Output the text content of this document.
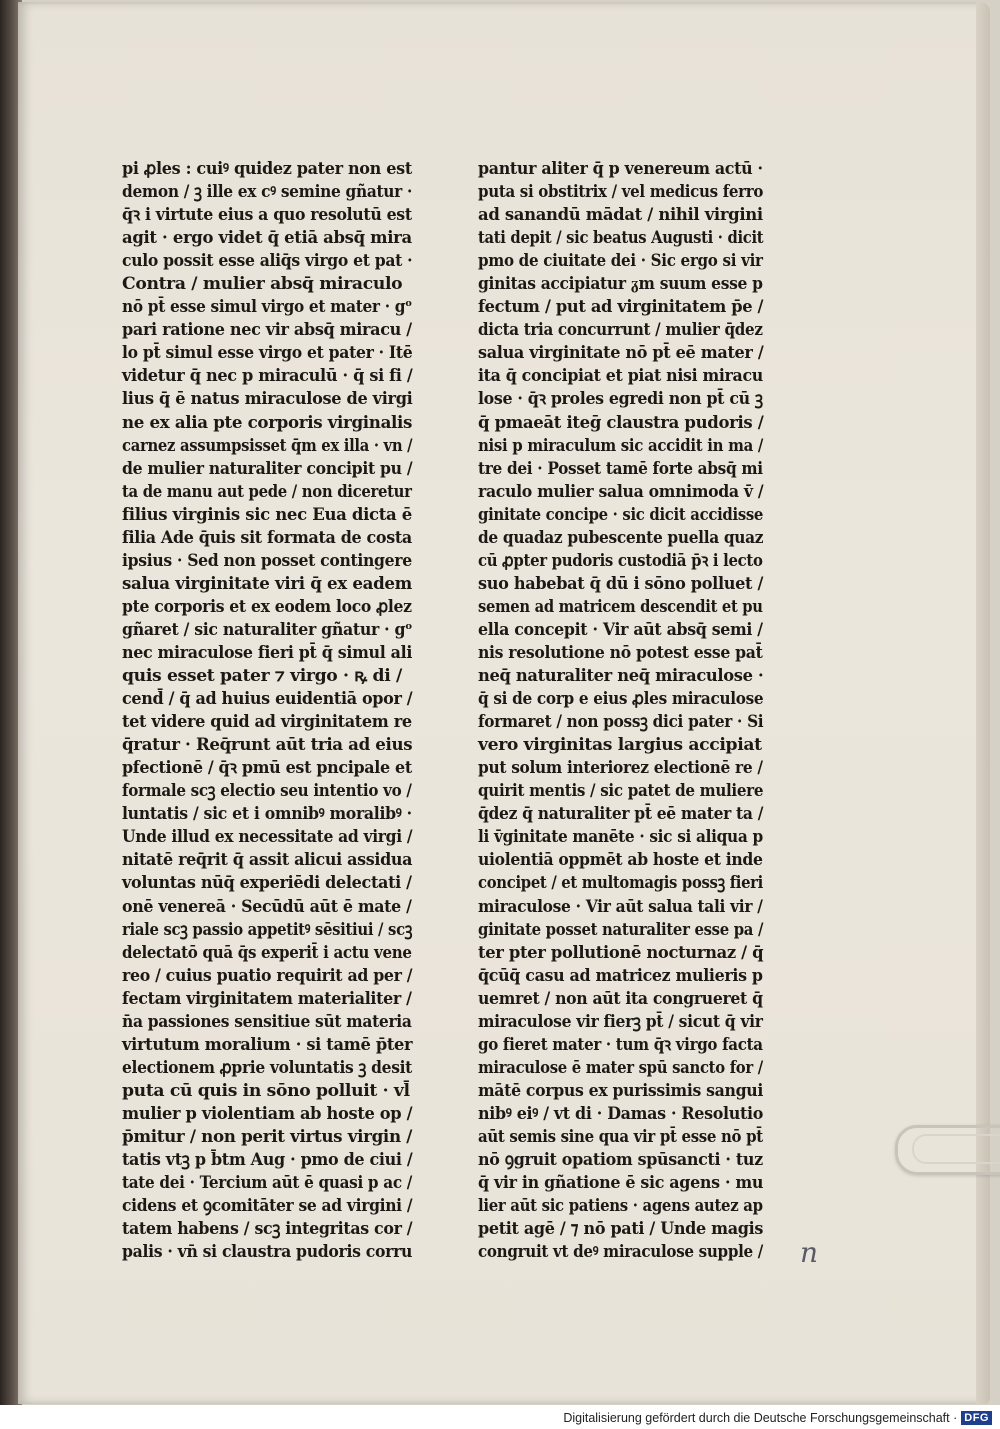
pi ꝓles : cuiꝰ quidez pater non est
demon / ꝫ ille ex cꝰ semine gñatur ·
q̄ꝛ i virtute eius a quo resolutū est
agit · ergo videt q̄ etiā absq̄ mira
culo possit esse aliq̄s virgo et pat ·
Contra / mulier absq̄ miraculo
nō pt̄ esse simul virgo et mater · gᵒ
pari ratione nec vir absq̄ miracu /
lo pt̄ simul esse virgo et pater · Itē
videtur q̄ nec p miraculū · q̄ si fi /
lius q̄ ē natus miraculose de virgi
ne ex alia pte corporis virginalis
carnez assumpsisset q̄m ex illa · vn /
de mulier naturaliter concipit pu /
ta de manu aut pede / non diceretur
filius virginis sic nec Eua dicta ē
filia Ade q̄uis sit formata de costa
ipsius · Sed non posset contingere
salua virginitate viri q̄ ex eadem
pte corporis et ex eodem loco ꝓlez
gñaret / sic naturaliter gñatur · gᵒ
nec miraculose fieri pt̄ q̄ simul ali
quis esset pater ⁊ virgo · ꝶ di /
cend̄ / q̄ ad huius euidentiā opor /
tet videre quid ad virginitatem re
q̄ratur · Req̄runt aūt tria ad eius
pfectionē / q̄ꝛ pmū est pncipale et
formale scꝫ electio seu intentio vo /
luntatis / sic et i omnibꝰ moralibꝰ ·
Unde illud ex necessitate ad virgi /
nitatē req̄rit q̄ assit alicui assidua
voluntas nūq̄ experiēdi delectati /
onē venereā · Secūdū aūt ē mate /
riale scꝫ passio appetitꝰ sēsitiui / scꝫ
delectatō quā q̄s experit̄ i actu vene
reo / cuius puatio requirit ad per /
fectam virginitatem materialiter /
n̄a passiones sensitiue sūt materia
virtutum moralium · si tamē p̄ter
electionem ꝓprie voluntatis ꝫ desit
puta cū quis in sōno polluit · vl̄
mulier p violentiam ab hoste op /
p̄mitur / non perit virtus virgin /
tatis vtꝫ p b̄tm Aug · pmo de ciui /
tate dei · Tercium aūt ē quasi p ac /
cidens et ꝯcomitāter se ad virgini /
tatem habens / scꝫ integritas cor /
palis · vn̄ si claustra pudoris corru
pantur aliter q̄ p venereum actū ·
puta si obstitrix / vel medicus ferro
ad sanandū mādat / nihil virgini
tati depit / sic beatus Augusti · dicit
pmo de ciuitate dei · Sic ergo si vir
ginitas accipiatur ᵹm suum esse p
fectum / put ad virginitatem p̄e /
dicta tria concurrunt / mulier q̄dez
salua virginitate nō pt̄ eē mater /
ita q̄ concipiat et piat nisi miracu
lose · q̄ꝛ proles egredi non pt̄ cū ꝫ
q̄ pmaeāt iteḡ claustra pudoris /
nisi p miraculum sic accidit in ma /
tre dei · Posset tamē forte absq̄ mi
raculo mulier salua omnimoda v̄ /
ginitate concipe · sic dicit accidisse
de quadaz pubescente puella quaz
cū ꝓpter pudoris custodiā p̄ꝛ i lecto
suo habebat q̄ dū i sōno polluet /
semen ad matricem descendit et pu
ella concepit · Vir aūt absq̄ semi /
nis resolutione nō potest esse pat̄
neq̄ naturaliter neq̄ miraculose ·
q̄ si de corp e eius ꝓles miraculose
formaret / non possꝫ dici pater · Si
vero virginitas largius accipiat
put solum interiorez electionē re /
quirit mentis / sic patet de muliere
q̄dez q̄ naturaliter pt̄ eē mater ta /
li v̄ginitate manēte · sic si aliqua p
uiolentiā oppmēt ab hoste et inde
concipet / et multomagis possꝫ fieri
miraculose · Vir aūt salua tali vir /
ginitate posset naturaliter esse pa /
ter pter pollutionē nocturnaz / q̄
q̄cūq̄ casu ad matricez mulieris p
uemret / non aūt ita congrueret q̄
miraculose vir fierꝫ pt̄ / sicut q̄ vir
go fieret mater · tum q̄ꝛ virgo facta
miraculose ē mater spū sancto for /
mātē corpus ex purissimis sangui
nibꝰ eiꝰ / vt di · Damas · Resolutio
aūt semis sine qua vir pt̄ esse nō pt̄
nō ꝯgruit opatiom spūsancti · tuz
q̄ vir in gñatione ē sic agens · mu
lier aūt sic patiens · agens autez ap
petit agē / ⁊ nō pati / Unde magis
congruit vt deꝰ miraculose supple / n
Digitalisierung gefördert durch die Deutsche Forschungsgemeinschaft · DFG
